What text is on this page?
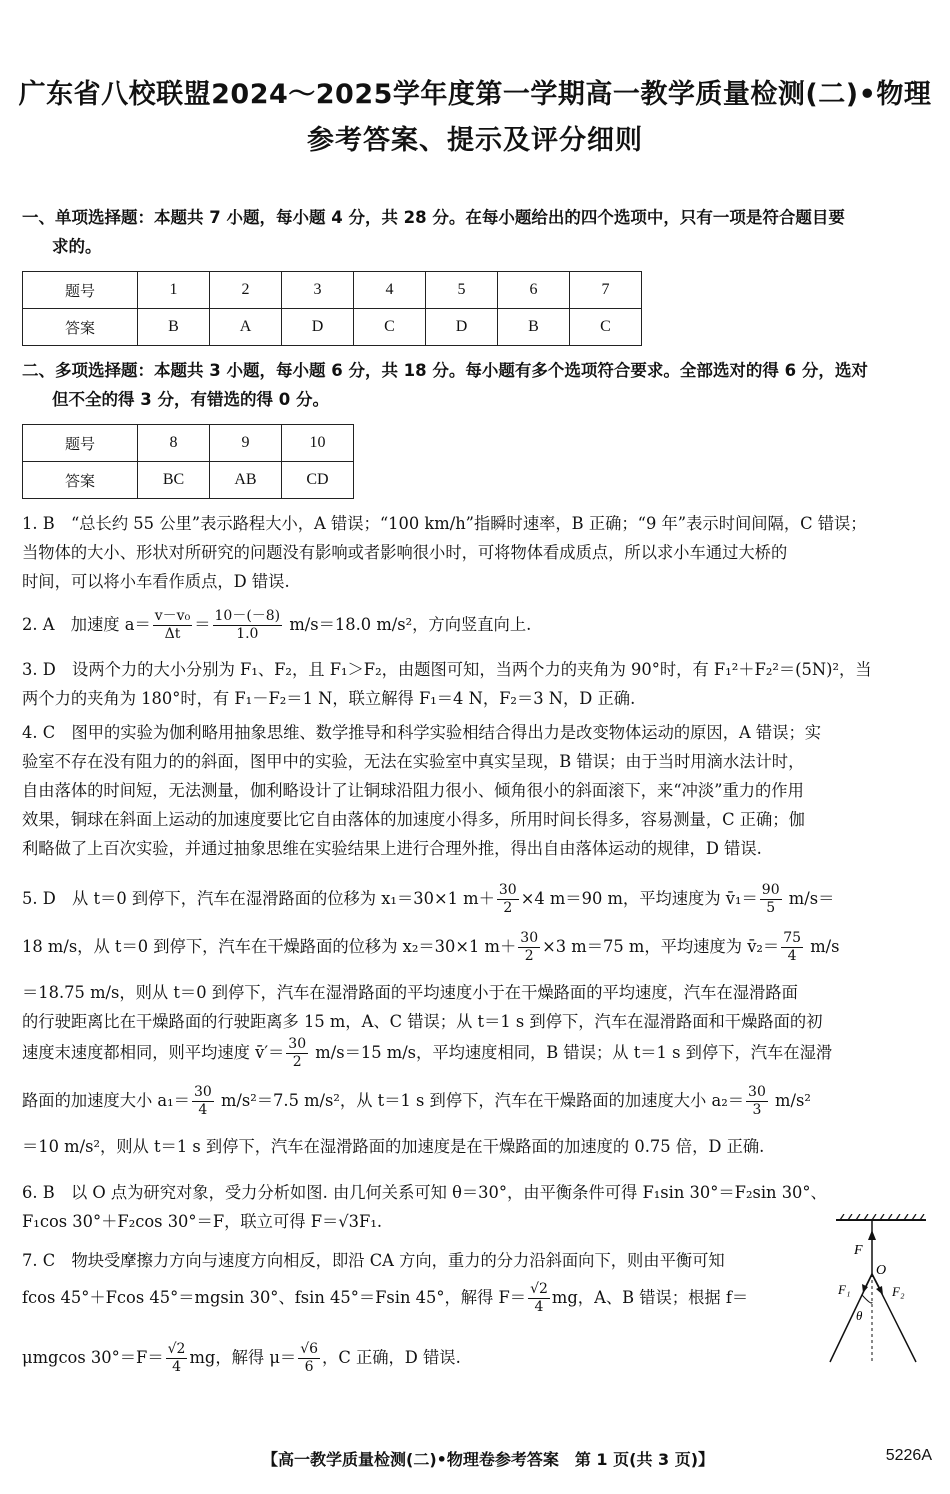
广东省八校联盟2024～2025学年度第一学期高一教学质量检测(二)•物理
参考答案、提示及评分细则
一、单项选择题：本题共 7 小题，每小题 4 分，共 28 分。在每小题给出的四个选项中，只有一项是符合题目要
求的。
题号	1	2	3	4	5	6	7
答案	B	A	D	C	D	B	C
二、多项选择题：本题共 3 小题，每小题 6 分，共 18 分。每小题有多个选项符合要求。全部选对的得 6 分，选对
但不全的得 3 分，有错选的得 0 分。
题号	8	9	10
答案	BC	AB	CD
1. B　“总长约 55 公里”表示路程大小，A 错误；“100 km/h”指瞬时速率，B 正确；“9 年”表示时间间隔，C 错误；
当物体的大小、形状对所研究的问题没有影响或者影响很小时，可将物体看成质点，所以求小车通过大桥的
时间，可以将小车看作质点，D 错误.
2. A　加速度 $a= \frac{\text{v－v₀}}{\Delta t} = \frac{10-(-8)}{1.0} m/s=18.0$ m/s²，方向竖直向上.
3. D　设两个力的大小分别为 F₁、F₂，且 F₁＞F₂，由题图可知，当两个力的夹角为 90°时，有 F₁²＋F₂²＝(5N)²，当
两个力的夹角为 180°时，有 F₁－F₂＝1 N，联立解得 F₁＝4 N，F₂＝3 N，D 正确.
4. C　图甲的实验为伽利略用抽象思维、数学推导和科学实验相结合得出力是改变物体运动的原因，A 错误；实
验室不存在没有阻力的的斜面，图甲中的实验，无法在实验室中真实呈现，B 错误；由于当时用滴水法计时，
自由落体的时间短，无法测量，伽利略设计了让铜球沿阻力很小、倾角很小的斜面滚下，来“冲淡”重力的作用
效果，铜球在斜面上运动的加速度要比它自由落体的加速度小得多，所用时间长得多，容易测量，C 正确；伽
利略做了上百次实验，并通过抽象思维在实验结果上进行合理外推，得出自由落体运动的规律，D 错误.
5. D　从 t＝0 到停下，汽车在湿滑路面的位移为 x₁＝30×1 $m+ \frac{30}{2} \times 4$ m＝90 m，平均速度为 v̄₁＝ $\frac{90}{5} m/s=$
18 m/s，从 t＝0 到停下，汽车在干燥路面的位移为 x₂＝30×1 $m+ \frac{30}{2} \times 3$ m＝75 m，平均速度为 v̄₂＝ $\frac{75}{4} m/s$
＝18.75 m/s，则从 t＝0 到停下，汽车在湿滑路面的平均速度小于在干燥路面的平均速度，汽车在湿滑路面
的行驶距离比在干燥路面的行驶距离多 15 m，A、C 错误；从 t＝1 s 到停下，汽车在湿滑路面和干燥路面的初
速度末速度都相同，则平均速度 v̄′＝ $\frac{30}{2} m/s=15$ m/s，平均速度相同，B 错误；从 t＝1 s 到停下，汽车在湿滑
路面的加速度大小 $a_1= \frac{30}{4} m/s^2=7.5$ m/s²，从 t＝1 s 到停下，汽车在干燥路面的加速度大小 $a_2= \frac{30}{3} m/s^2$
＝10 m/s²，则从 t＝1 s 到停下，汽车在湿滑路面的加速度是在干燥路面的加速度的 0.75 倍，D 正确.
6. B　以 O 点为研究对象，受力分析如图. 由几何关系可知 θ＝30°，由平衡条件可得 F₁sin 30°＝F₂sin 30°、
F₁cos 30°＋F₂cos 30°＝F，联立可得 F＝√3F₁.
7. C　物块受摩擦力方向与速度方向相反，即沿 CA 方向，重力的分力沿斜面向下，则由平衡可知
fcos 45°＋Fcos 45°＝mgsin 30°、fsin 45°＝Fsin 45°，解得 $F= \frac{√2}{4}$ mg，A、B 错误；根据 f＝
μmgcos $30^\circ=F= \frac{√2}{4}$ mg，解得 $\mu= \frac{√6}{6}$ ，C 正确，D 错误.
F
O
F₁	F₂
θ
【高一教学质量检测(二)•物理卷参考答案　第 1 页(共 3 页)】	5226A
